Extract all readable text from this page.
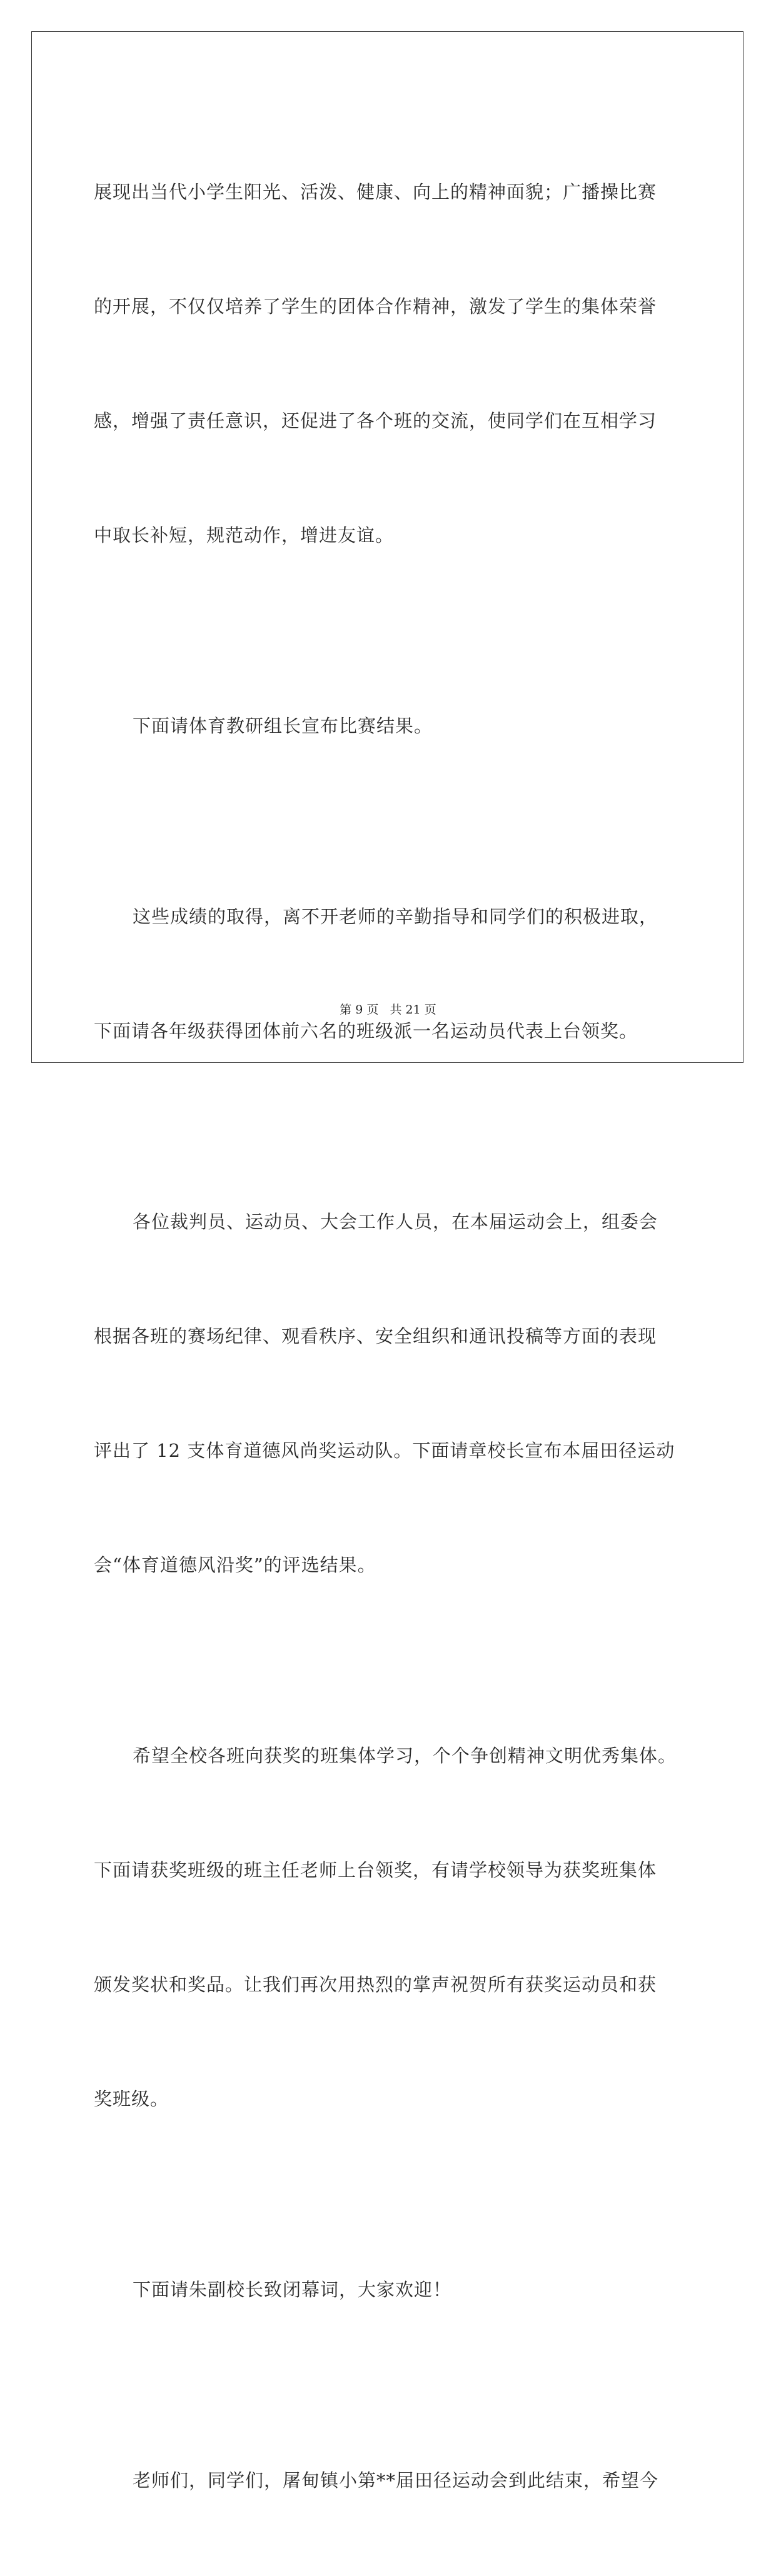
展现出当代小学生阳光、活泼、健康、向上的精神面貌；广播操比赛

的开展，不仅仅培养了学生的团体合作精神，激发了学生的集体荣誉

感，增强了责任意识，还促进了各个班的交流，使同学们在互相学习

中取长补短，规范动作，增进友谊。

下面请体育教研组长宣布比赛结果。

这些成绩的取得，离不开老师的辛勤指导和同学们的积极进取，

下面请各年级获得团体前六名的班级派一名运动员代表上台领奖。

各位裁判员、运动员、大会工作人员，在本届运动会上，组委会

根据各班的赛场纪律、观看秩序、安全组织和通讯投稿等方面的表现

评出了 12 支体育道德风尚奖运动队。下面请章校长宣布本届田径运动

会“体育道德风沿奖”的评选结果。

希望全校各班向获奖的班集体学习，个个争创精神文明优秀集体。

下面请获奖班级的班主任老师上台领奖，有请学校领导为获奖班集体

颁发奖状和奖品。让我们再次用热烈的掌声祝贺所有获奖运动员和获

奖班级。

下面请朱副校长致闭幕词，大家欢迎！

老师们，同学们，屠甸镇小第**届田径运动会到此结束，希望今

第 9 页 共 21 页
